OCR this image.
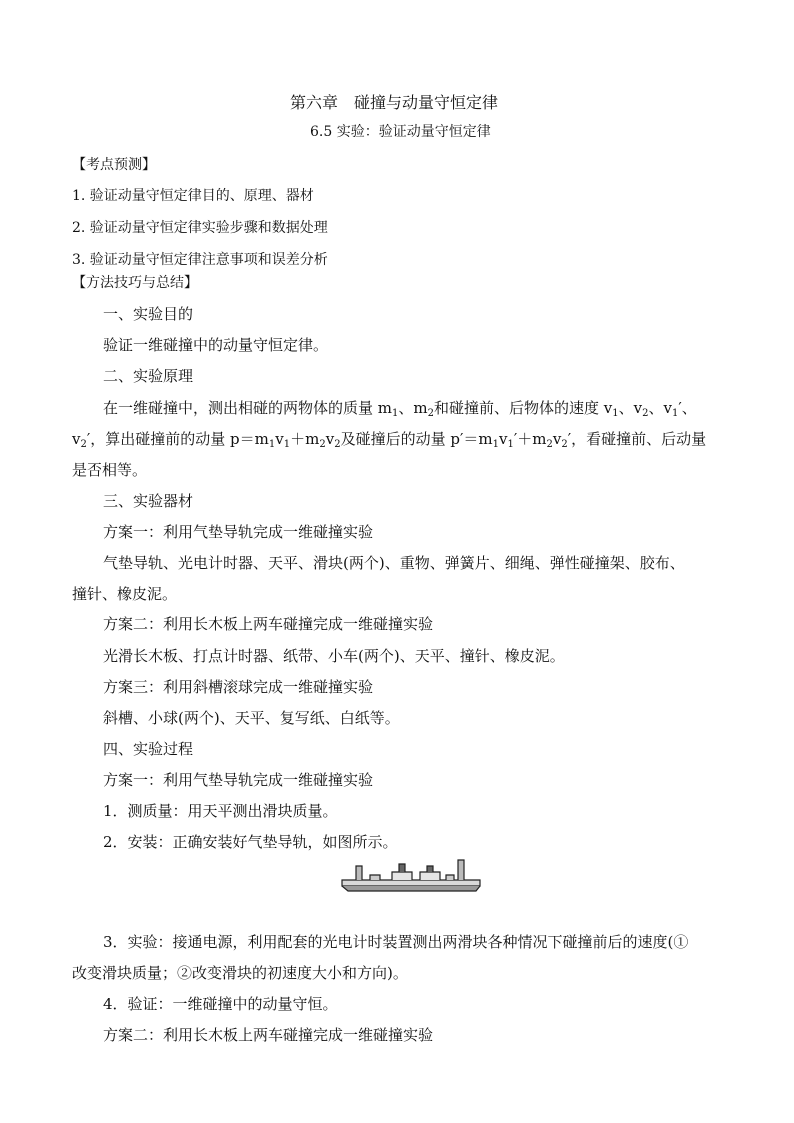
第六章　碰撞与动量守恒定律
6.5 实验：验证动量守恒定律
【考点预测】
1. 验证动量守恒定律目的、原理、器材
2. 验证动量守恒定律实验步骤和数据处理
3. 验证动量守恒定律注意事项和误差分析
【方法技巧与总结】
一、实验目的
验证一维碰撞中的动量守恒定律。
二、实验原理
在一维碰撞中，测出相碰的两物体的质量 $m_1$、$m_2$和碰撞前、后物体的速度 $v_1$、$v_2$、$v_1'$、
$v_2'$，算出碰撞前的动量 $p=m_1v_1+m_2v_2$及碰撞后的动量 $p'=m_1v_1'+m_2v_2'$，看碰撞前、后动量
是否相等。
三、实验器材
方案一：利用气垫导轨完成一维碰撞实验
气垫导轨、光电计时器、天平、滑块(两个)、重物、弹簧片、细绳、弹性碰撞架、胶布、
撞针、橡皮泥。
方案二：利用长木板上两车碰撞完成一维碰撞实验
光滑长木板、打点计时器、纸带、小车(两个)、天平、撞针、橡皮泥。
方案三：利用斜槽滚球完成一维碰撞实验
斜槽、小球(两个)、天平、复写纸、白纸等。
四、实验过程
方案一：利用气垫导轨完成一维碰撞实验
1．测质量：用天平测出滑块质量。
2．安装：正确安装好气垫导轨，如图所示。
3．实验：接通电源，利用配套的光电计时装置测出两滑块各种情况下碰撞前后的速度(①
改变滑块质量；②改变滑块的初速度大小和方向)。
4．验证：一维碰撞中的动量守恒。
方案二：利用长木板上两车碰撞完成一维碰撞实验
